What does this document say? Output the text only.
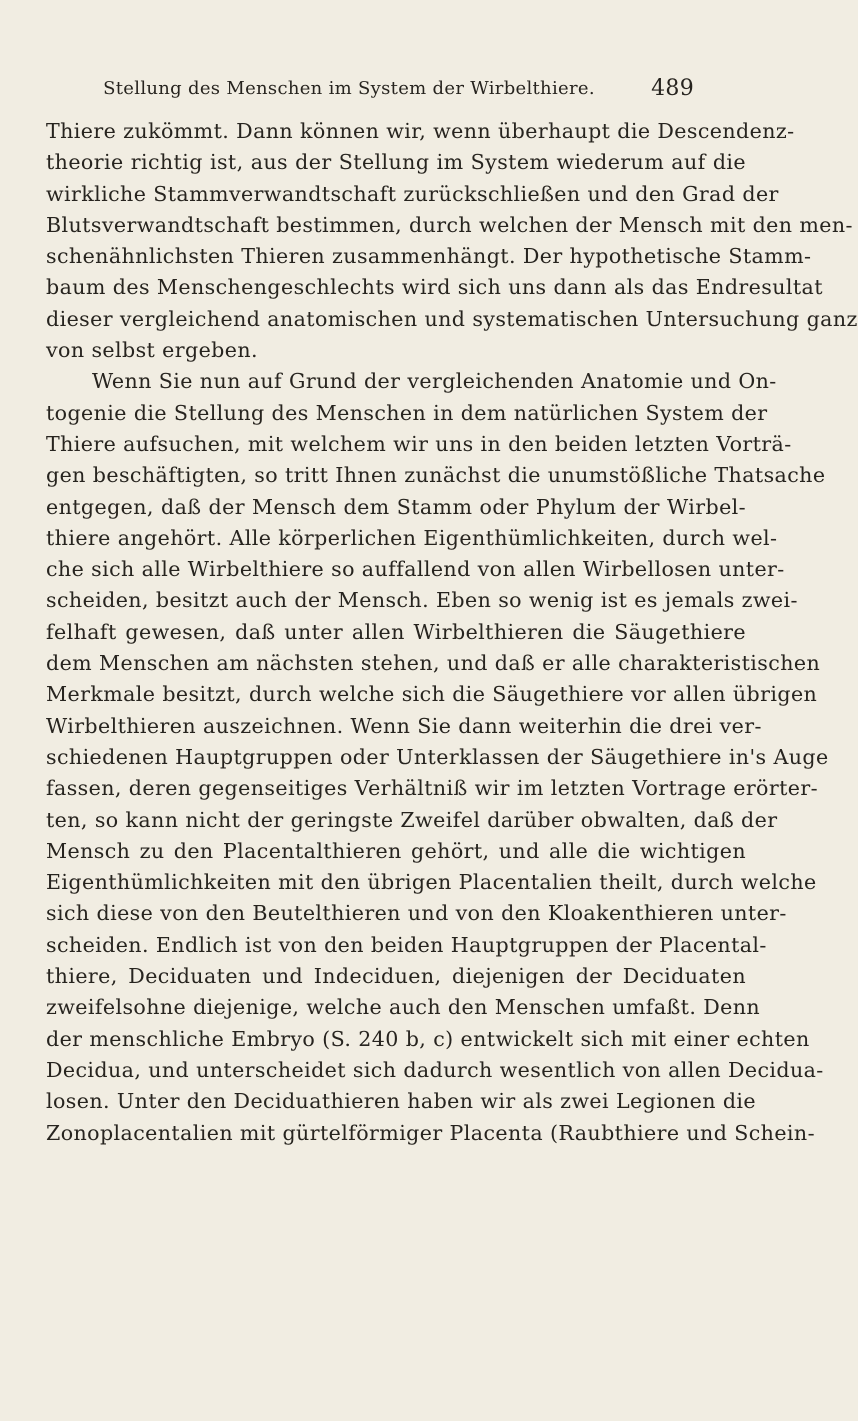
Stellung des Menschen im System der Wirbelthiere.	489
Thiere zukömmt. Dann können wir, wenn überhaupt die Descendenz-
theorie richtig ist, aus der Stellung im System wiederum auf die
wirkliche Stammverwandtschaft zurückschließen und den Grad der
Blutsverwandtschaft bestimmen, durch welchen der Mensch mit den men-
schenähnlichsten Thieren zusammenhängt. Der hypothetische Stamm-
baum des Menschengeschlechts wird sich uns dann als das Endresultat
dieser vergleichend anatomischen und systematischen Untersuchung ganz
von selbst ergeben.
Wenn Sie nun auf Grund der vergleichenden Anatomie und On-
togenie die Stellung des Menschen in dem natürlichen System der
Thiere aufsuchen, mit welchem wir uns in den beiden letzten Vorträ-
gen beschäftigten, so tritt Ihnen zunächst die unumstößliche Thatsache
entgegen, daß der Mensch dem Stamm oder Phylum der Wirbel-
thiere angehört. Alle körperlichen Eigenthümlichkeiten, durch wel-
che sich alle Wirbelthiere so auffallend von allen Wirbellosen unter-
scheiden, besitzt auch der Mensch. Eben so wenig ist es jemals zwei-
felhaft gewesen, daß unter allen Wirbelthieren die Säugethiere
dem Menschen am nächsten stehen, und daß er alle charakteristischen
Merkmale besitzt, durch welche sich die Säugethiere vor allen übrigen
Wirbelthieren auszeichnen. Wenn Sie dann weiterhin die drei ver-
schiedenen Hauptgruppen oder Unterklassen der Säugethiere in's Auge
fassen, deren gegenseitiges Verhältniß wir im letzten Vortrage erörter-
ten, so kann nicht der geringste Zweifel darüber obwalten, daß der
Mensch zu den Placentalthieren gehört, und alle die wichtigen
Eigenthümlichkeiten mit den übrigen Placentalien theilt, durch welche
sich diese von den Beutelthieren und von den Kloakenthieren unter-
scheiden. Endlich ist von den beiden Hauptgruppen der Placental-
thiere, Deciduaten und Indeciduen, diejenigen der Deciduaten
zweifelsohne diejenige, welche auch den Menschen umfaßt. Denn
der menschliche Embryo (S. 240 b, c) entwickelt sich mit einer echten
Decidua, und unterscheidet sich dadurch wesentlich von allen Decidua-
losen. Unter den Deciduathieren haben wir als zwei Legionen die
Zonoplacentalien mit gürtelförmiger Placenta (Raubthiere und Schein-
